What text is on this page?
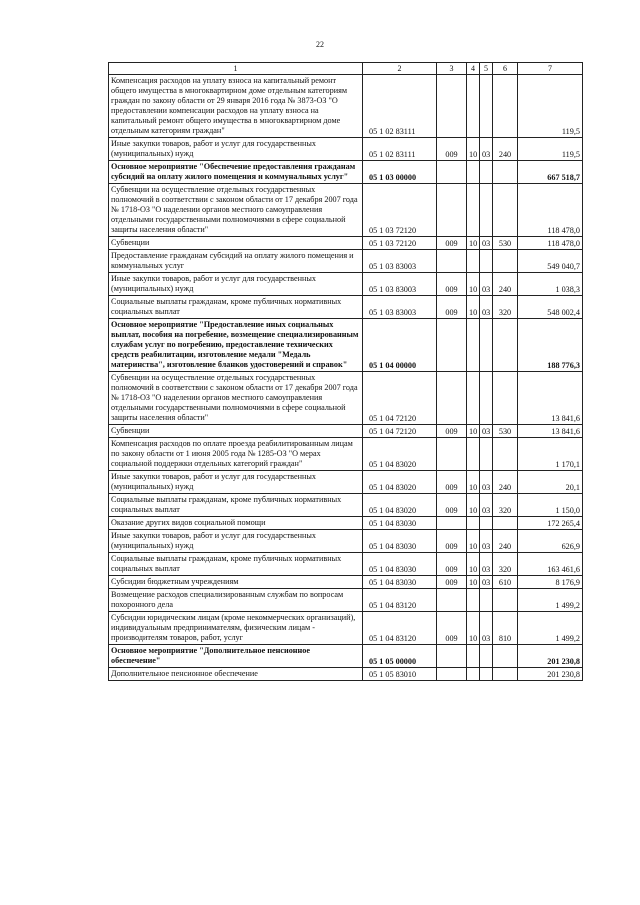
22
1	2	3	4	5	6	7
Компенсация расходов на уплату взноса на капитальный ремонт общего имущества в многоквартирном доме отдельным категориям граждан по закону области от 29 января 2016 года № 3873-ОЗ "О предоставлении компенсации расходов на уплату взноса на капитальный ремонт общего имущества в многоквартирном доме отдельным категориям граждан"	05 1 02 83111					119,5
Иные закупки товаров, работ и услуг для государственных (муниципальных) нужд	05 1 02 83111	009	10	03	240	119,5
Основное мероприятие "Обеспечение предоставления гражданам субсидий на оплату жилого помещения и коммунальных услуг"	05 1 03 00000					667 518,7
Субвенции на осуществление отдельных государственных полномочий в соответствии с законом области от 17 декабря 2007 года № 1718-ОЗ "О наделении органов местного самоуправления отдельными государственными полномочиями в сфере социальной защиты населения области"	05 1 03 72120					118 478,0
Субвенции	05 1 03 72120	009	10	03	530	118 478,0
Предоставление гражданам субсидий на оплату жилого помещения и коммунальных услуг	05 1 03 83003					549 040,7
Иные закупки товаров, работ и услуг для государственных (муниципальных) нужд	05 1 03 83003	009	10	03	240	1 038,3
Социальные выплаты гражданам, кроме публичных нормативных социальных выплат	05 1 03 83003	009	10	03	320	548 002,4
Основное мероприятие "Предоставление иных социальных выплат, пособия на погребение, возмещение специализированным службам услуг по погребению, предоставление технических средств реабилитации, изготовление медали "Медаль материнства", изготовление бланков удостоверений и справок"	05 1 04 00000					188 776,3
Субвенции на осуществление отдельных государственных полномочий в соответствии с законом области от 17 декабря 2007 года № 1718-ОЗ "О наделении органов местного самоуправления отдельными государственными полномочиями в сфере социальной защиты населения области"	05 1 04 72120					13 841,6
Субвенции	05 1 04 72120	009	10	03	530	13 841,6
Компенсация расходов по оплате проезда реабилитированным лицам по закону области от 1 июня 2005 года № 1285-ОЗ "О мерах социальной поддержки отдельных категорий граждан"	05 1 04 83020					1 170,1
Иные закупки товаров, работ и услуг для государственных (муниципальных) нужд	05 1 04 83020	009	10	03	240	20,1
Социальные выплаты гражданам, кроме публичных нормативных социальных выплат	05 1 04 83020	009	10	03	320	1 150,0
Оказание других видов социальной помощи	05 1 04 83030					172 265,4
Иные закупки товаров, работ и услуг для государственных (муниципальных) нужд	05 1 04 83030	009	10	03	240	626,9
Социальные выплаты гражданам, кроме публичных нормативных социальных выплат	05 1 04 83030	009	10	03	320	163 461,6
Субсидии бюджетным учреждениям	05 1 04 83030	009	10	03	610	8 176,9
Возмещение расходов специализированным службам по вопросам похоронного дела	05 1 04 83120					1 499,2
Субсидии юридическим лицам (кроме некоммерческих организаций), индивидуальным предпринимателям, физическим лицам - производителям товаров, работ, услуг	05 1 04 83120	009	10	03	810	1 499,2
Основное мероприятие "Дополнительное пенсионное обеспечение"	05 1 05 00000					201 230,8
Дополнительное пенсионное обеспечение	05 1 05 83010					201 230,8
